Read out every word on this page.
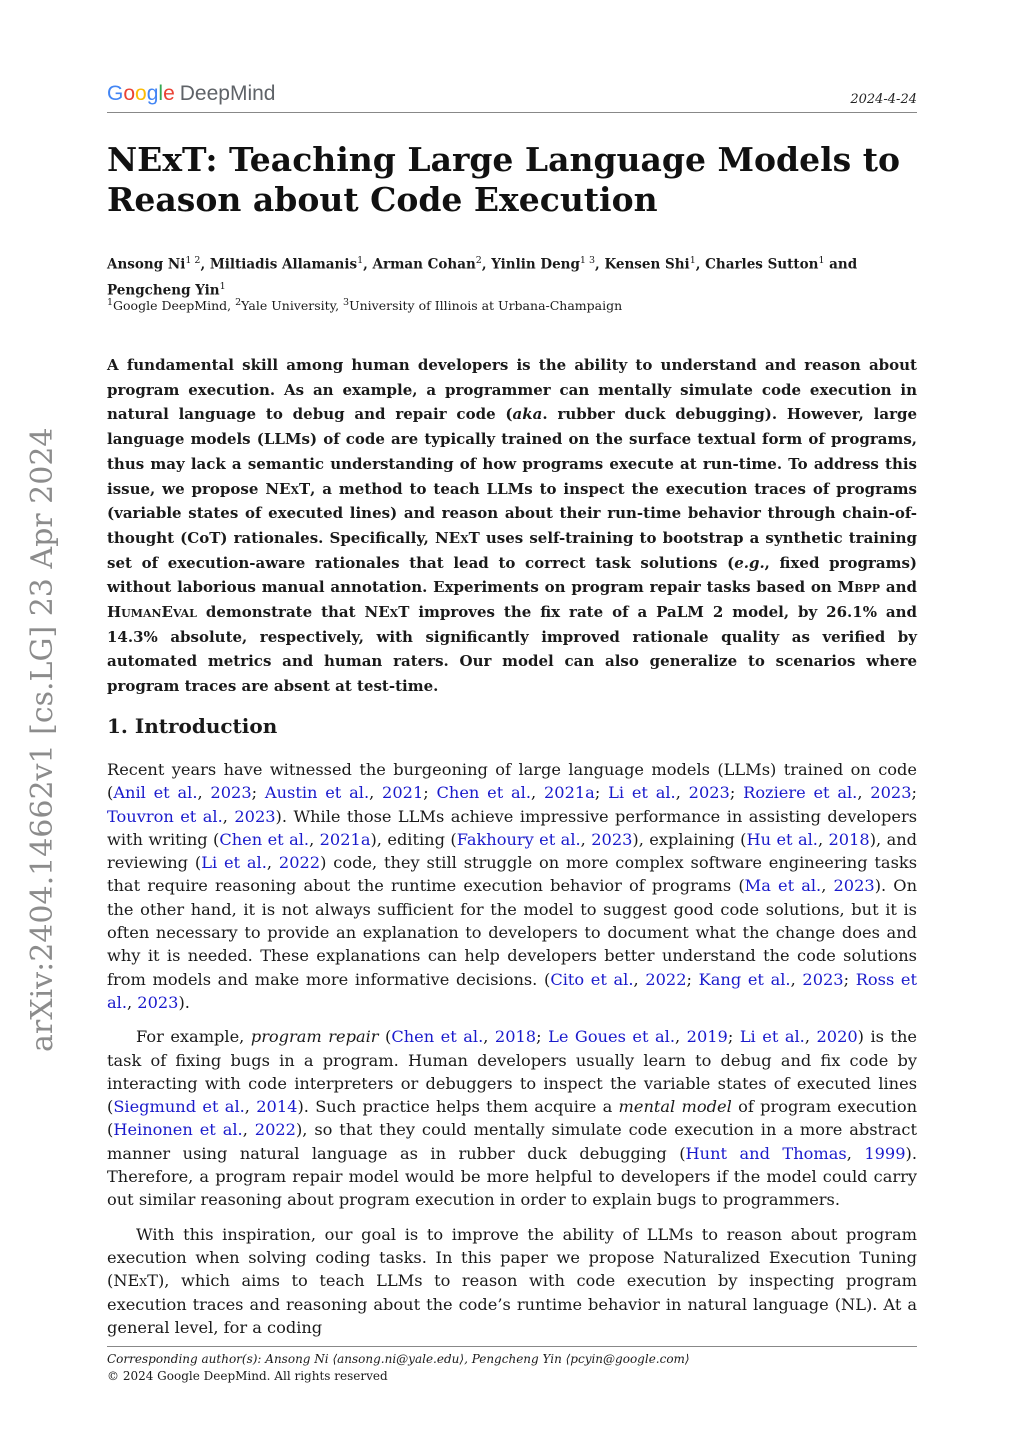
Google DeepMind	2024-4-24
arXiv:2404.14662v1 [cs.LG] 23 Apr 2024
NExT: Teaching Large Language Models to
Reason about Code Execution
Ansong $Ni^{1 2}$, Miltiadis Allamanis$^1$, Arman Cohan$^2$, Yinlin Deng$^{1 3}$, Kensen Shi$^1$, Charles Sutton$^1$ and
Pengcheng Yin$^1$
$^1$Google DeepMind, $^2$Yale University, $^3$University of Illinois at Urbana-Champaign
A fundamental skill among human developers is the ability to understand and reason about program execution. As an example, a programmer can mentally simulate code execution in natural language to debug and repair code (aka. rubber duck debugging). However, large language models (LLMs) of code are typically trained on the surface textual form of programs, thus may lack a semantic understanding of how programs execute at run-time. To address this issue, we propose NExT, a method to teach LLMs to inspect the execution traces of programs (variable states of executed lines) and reason about their run-time behavior through chain-of-thought (CoT) rationales. Specifically, NExT uses self-training to bootstrap a synthetic training set of execution-aware rationales that lead to correct task solutions (e.g., fixed programs) without laborious manual annotation. Experiments on program repair tasks based on Mbpp and HumanEval demonstrate that NExT improves the fix rate of a PaLM 2 model, by 26.1% and 14.3% absolute, respectively, with significantly improved rationale quality as verified by automated metrics and human raters. Our model can also generalize to scenarios where program traces are absent at test-time.
1. Introduction

Recent years have witnessed the burgeoning of large language models (LLMs) trained on code (Anil et al., 2023; Austin et al., 2021; Chen et al., 2021a; Li et al., 2023; Roziere et al., 2023; Touvron et al., 2023). While those LLMs achieve impressive performance in assisting developers with writing (Chen et al., 2021a), editing (Fakhoury et al., 2023), explaining (Hu et al., 2018), and reviewing (Li et al., 2022) code, they still struggle on more complex software engineering tasks that require reasoning about the runtime execution behavior of programs (Ma et al., 2023). On the other hand, it is not always sufficient for the model to suggest good code solutions, but it is often necessary to provide an explanation to developers to document what the change does and why it is needed. These explanations can help developers better understand the code solutions from models and make more informative decisions. (Cito et al., 2022; Kang et al., 2023; Ross et al., 2023).

For example, program repair (Chen et al., 2018; Le Goues et al., 2019; Li et al., 2020) is the task of fixing bugs in a program. Human developers usually learn to debug and fix code by interacting with code interpreters or debuggers to inspect the variable states of executed lines (Siegmund et al., 2014). Such practice helps them acquire a mental model of program execution (Heinonen et al., 2022), so that they could mentally simulate code execution in a more abstract manner using natural language as in rubber duck debugging (Hunt and Thomas, 1999). Therefore, a program repair model would be more helpful to developers if the model could carry out similar reasoning about program execution in order to explain bugs to programmers.

With this inspiration, our goal is to improve the ability of LLMs to reason about program execution when solving coding tasks. In this paper we propose Naturalized Execution Tuning (NExT), which aims to teach LLMs to reason with code execution by inspecting program execution traces and reasoning about the code’s runtime behavior in natural language (NL). At a general level, for a coding

Corresponding author(s): Ansong Ni ⟨ansong.ni@yale.edu⟩, Pengcheng Yin ⟨pcyin@google.com⟩
© 2024 Google DeepMind. All rights reserved
